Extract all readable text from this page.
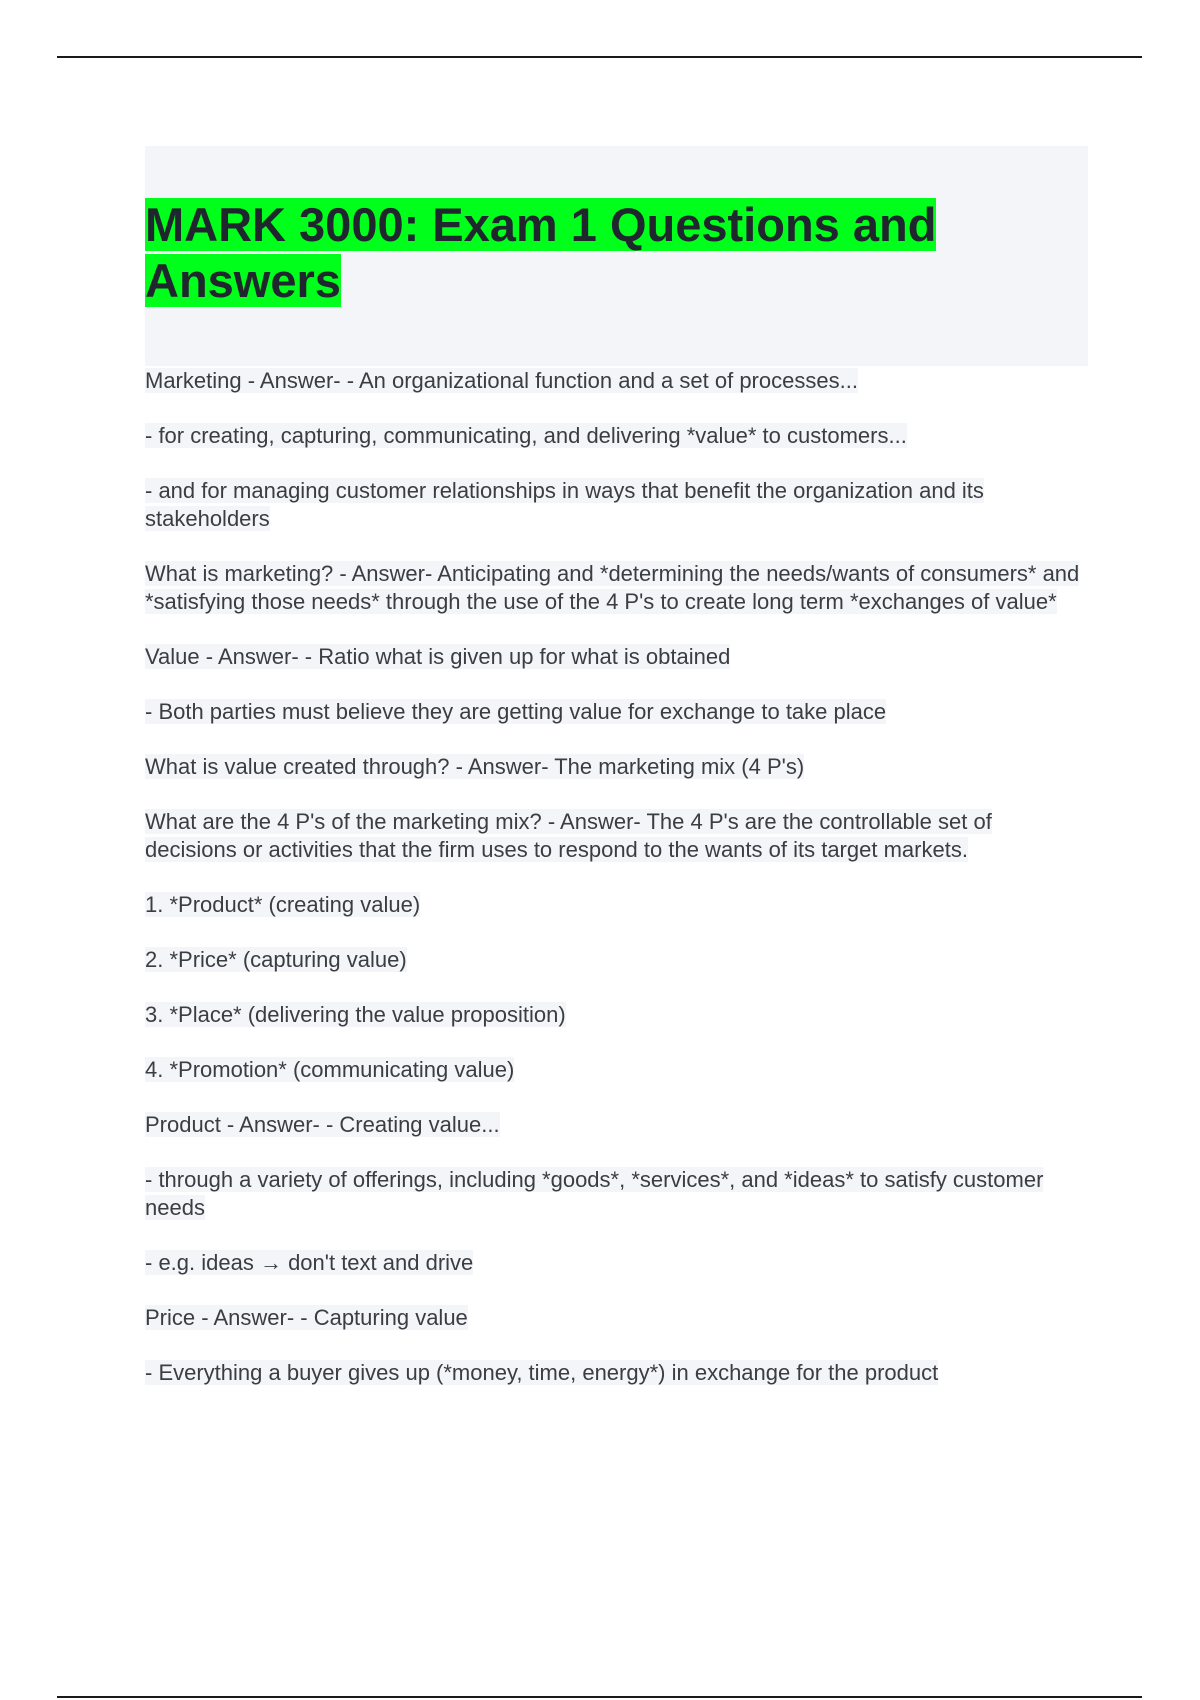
MARK 3000: Exam 1 Questions and Answers

Marketing - Answer- - An organizational function and a set of processes...

- for creating, capturing, communicating, and delivering *value* to customers...

- and for managing customer relationships in ways that benefit the organization and its stakeholders

What is marketing? - Answer- Anticipating and *determining the needs/wants of consumers* and *satisfying those needs* through the use of the 4 P's to create long term *exchanges of value*

Value - Answer- - Ratio what is given up for what is obtained

- Both parties must believe they are getting value for exchange to take place

What is value created through? - Answer- The marketing mix (4 P's)

What are the 4 P's of the marketing mix? - Answer- The 4 P's are the controllable set of decisions or activities that the firm uses to respond to the wants of its target markets.

1. *Product* (creating value)

2. *Price* (capturing value)

3. *Place* (delivering the value proposition)

4. *Promotion* (communicating value)

Product - Answer- - Creating value...

- through a variety of offerings, including *goods*, *services*, and *ideas* to satisfy customer needs

- e.g. ideas → don't text and drive

Price - Answer- - Capturing value

- Everything a buyer gives up (*money, time, energy*) in exchange for the product
